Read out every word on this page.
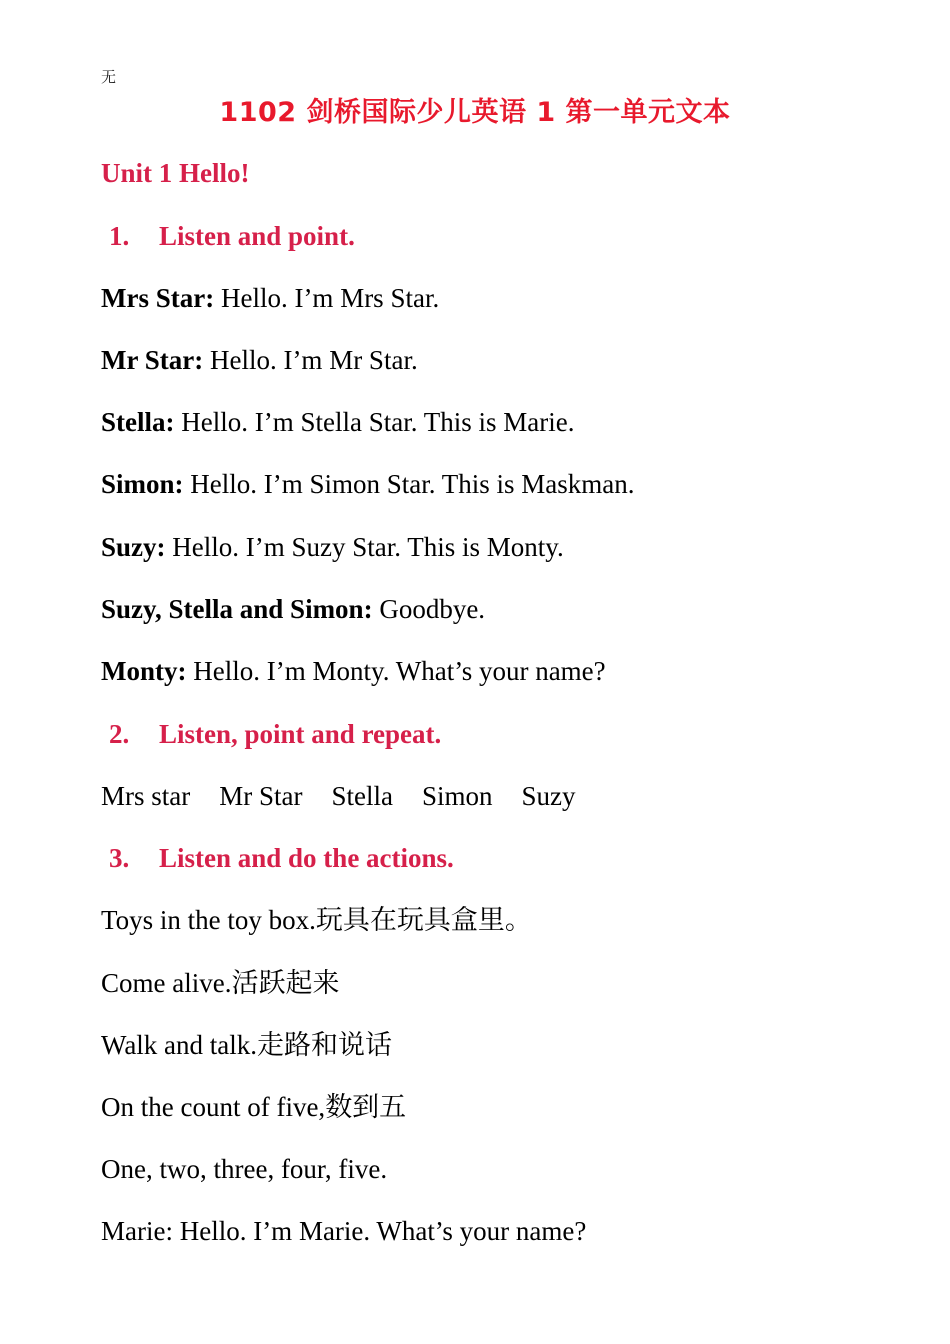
无
1102 剑桥国际少儿英语 1 第一单元文本
Unit 1 Hello!
1. Listen and point.
Mrs Star: Hello. I’m Mrs Star.
Mr Star: Hello. I’m Mr Star.
Stella: Hello. I’m Stella Star. This is Marie.
Simon: Hello. I’m Simon Star. This is Maskman.
Suzy: Hello. I’m Suzy Star. This is Monty.
Suzy, Stella and Simon: Goodbye.
Monty: Hello. I’m Monty. What’s your name?
2. Listen, point and repeat.
Mrs star Mr Star Stella Simon Suzy
3. Listen and do the actions.
Toys in the toy box.玩具在玩具盒里。
Come alive.活跃起来
Walk and talk.走路和说话
On the count of five,数到五
One, two, three, four, five.
Marie: Hello. I’m Marie. What’s your name?
